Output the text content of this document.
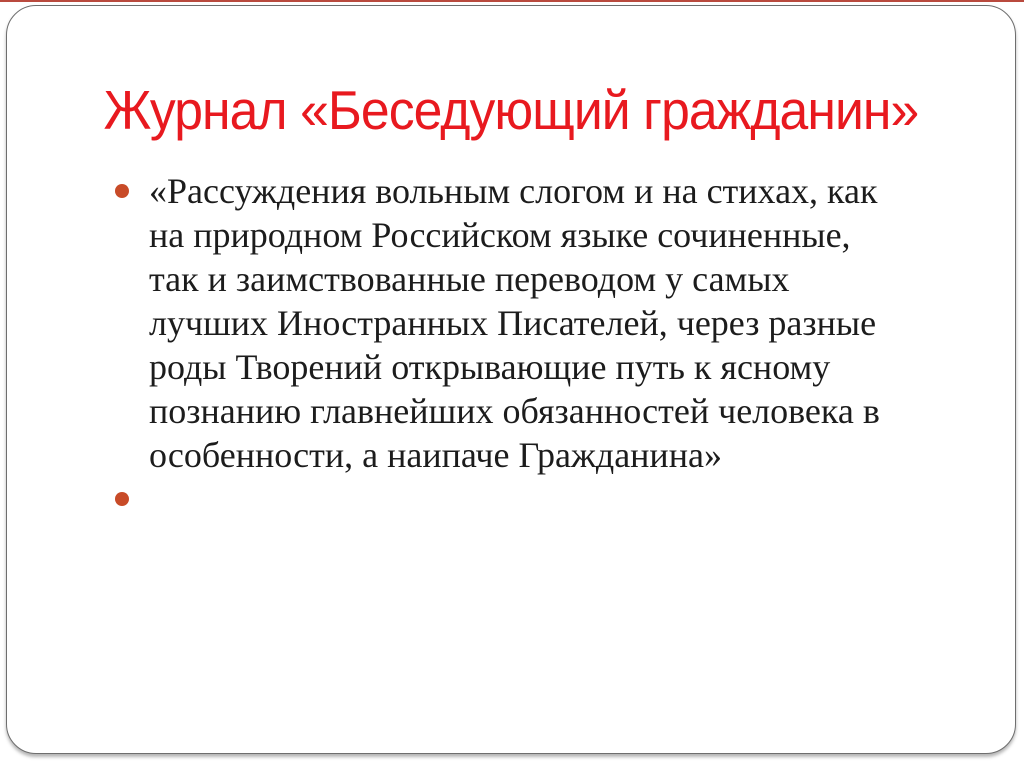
Журнал «Беседующий гражданин»
«Рассуждения вольным слогом и на стихах, как
на природном Российском языке сочиненные,
так и заимствованные переводом у самых
лучших Иностранных Писателей, через разные
роды Творений открывающие путь к ясному
познанию главнейших обязанностей человека в
особенности, а наипаче Гражданина»
